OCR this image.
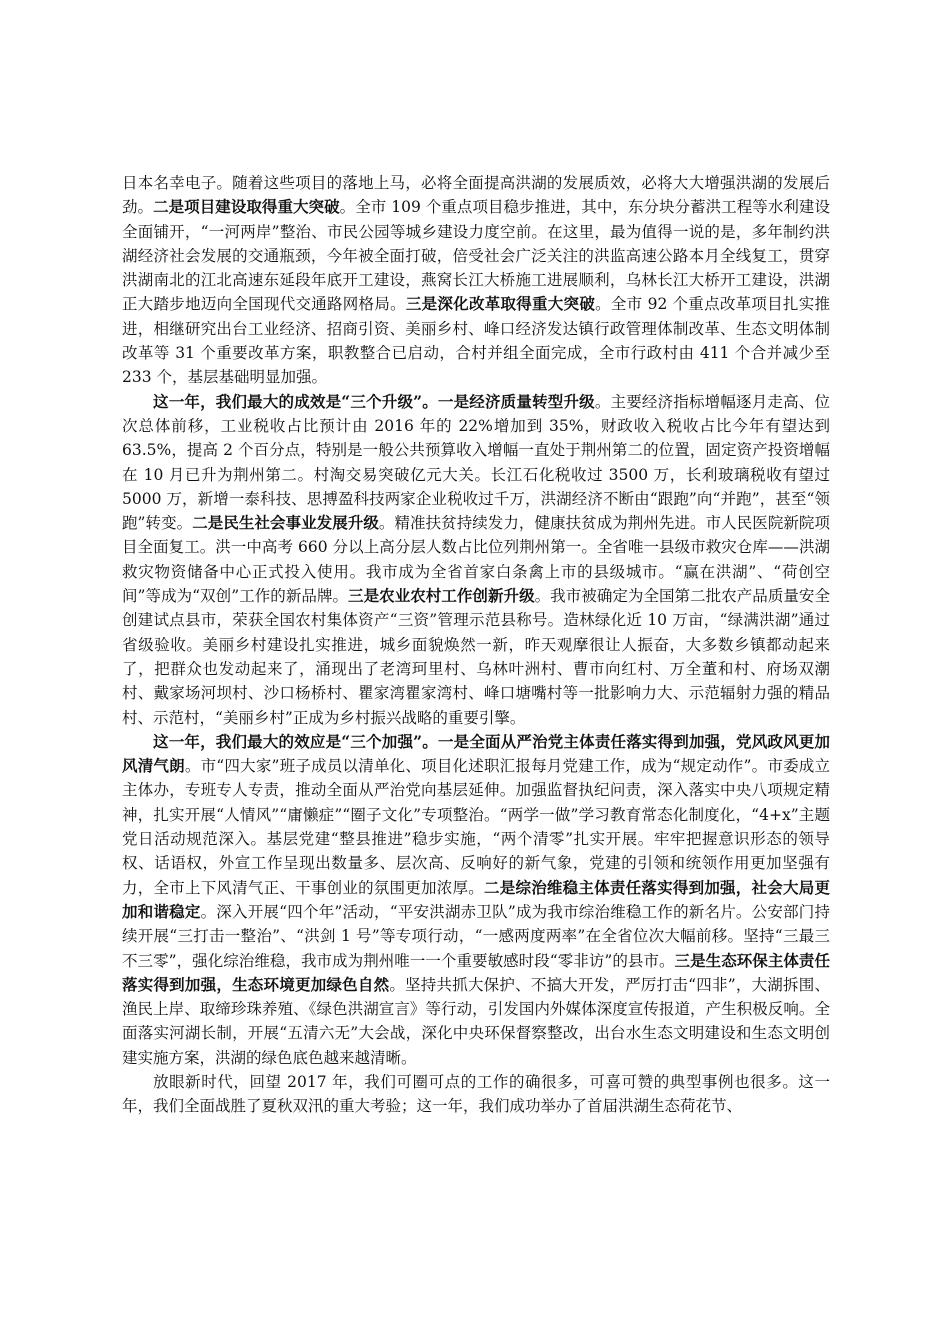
日本名幸电子。随着这些项目的落地上马，必将全面提高洪湖的发展质效，必将大大增强洪湖的发展后劲。二是项目建设取得重大突破。全市 109 个重点项目稳步推进，其中，东分块分蓄洪工程等水利建设全面铺开，“一河两岸”整治、市民公园等城乡建设力度空前。在这里，最为值得一说的是，多年制约洪湖经济社会发展的交通瓶颈，今年被全面打破，倍受社会广泛关注的洪监高速公路本月全线复工，贯穿洪湖南北的江北高速东延段年底开工建设，燕窝长江大桥施工进展顺利，乌林长江大桥开工建设，洪湖正大踏步地迈向全国现代交通路网格局。三是深化改革取得重大突破。全市 92 个重点改革项目扎实推进，相继研究出台工业经济、招商引资、美丽乡村、峰口经济发达镇行政管理体制改革、生态文明体制改革等 31 个重要改革方案，职教整合已启动，合村并组全面完成，全市行政村由 411 个合并减少至 233 个，基层基础明显加强。

这一年，我们最大的成效是“三个升级”。一是经济质量转型升级。主要经济指标增幅逐月走高、位次总体前移，工业税收占比预计由 2016 年的 22%增加到 35%，财政收入税收占比今年有望达到 63.5%，提高 2 个百分点，特别是一般公共预算收入增幅一直处于荆州第二的位置，固定资产投资增幅在 10 月已升为荆州第二。村淘交易突破亿元大关。长江石化税收过 3500 万，长利玻璃税收有望过 5000 万，新增一泰科技、思搏盈科技两家企业税收过千万，洪湖经济不断由“跟跑”向“并跑”，甚至“领跑”转变。二是民生社会事业发展升级。精准扶贫持续发力，健康扶贫成为荆州先进。市人民医院新院项目全面复工。洪一中高考 660 分以上高分层人数占比位列荆州第一。全省唯一县级市救灾仓库——洪湖救灾物资储备中心正式投入使用。我市成为全省首家白条禽上市的县级城市。“赢在洪湖”、“荷创空间”等成为“双创”工作的新品牌。三是农业农村工作创新升级。我市被确定为全国第二批农产品质量安全创建试点县市，荣获全国农村集体资产“三资”管理示范县称号。造林绿化近 10 万亩，“绿满洪湖”通过省级验收。美丽乡村建设扎实推进，城乡面貌焕然一新，昨天观摩很让人振奋，大多数乡镇都动起来了，把群众也发动起来了，涌现出了老湾珂里村、乌林叶洲村、曹市向红村、万全董和村、府场双潮村、戴家场河坝村、沙口杨桥村、瞿家湾瞿家湾村、峰口塘嘴村等一批影响力大、示范辐射力强的精品村、示范村，“美丽乡村”正成为乡村振兴战略的重要引擎。

这一年，我们最大的效应是“三个加强”。一是全面从严治党主体责任落实得到加强，党风政风更加风清气朗。市“四大家”班子成员以清单化、项目化述职汇报每月党建工作，成为“规定动作”。市委成立主体办，专班专人专责，推动全面从严治党向基层延伸。加强监督执纪问责，深入落实中央八项规定精神，扎实开展“人情风”“庸懒症”“圈子文化”专项整治。“两学一做”学习教育常态化制度化，“4+x”主题党日活动规范深入。基层党建“整县推进”稳步实施，“两个清零”扎实开展。牢牢把握意识形态的领导权、话语权，外宣工作呈现出数量多、层次高、反响好的新气象，党建的引领和统领作用更加坚强有力，全市上下风清气正、干事创业的氛围更加浓厚。二是综治维稳主体责任落实得到加强，社会大局更加和谐稳定。深入开展“四个年”活动，“平安洪湖赤卫队”成为我市综治维稳工作的新名片。公安部门持续开展“三打击一整治”、“洪剑 1 号”等专项行动，“一感两度两率”在全省位次大幅前移。坚持“三最三不三零”，强化综治维稳，我市成为荆州唯一一个重要敏感时段“零非访”的县市。三是生态环保主体责任落实得到加强，生态环境更加绿色自然。坚持共抓大保护、不搞大开发，严厉打击“四非”，大湖拆围、渔民上岸、取缔珍珠养殖、《绿色洪湖宣言》等行动，引发国内外媒体深度宣传报道，产生积极反响。全面落实河湖长制，开展“五清六无”大会战，深化中央环保督察整改，出台水生态文明建设和生态文明创建实施方案，洪湖的绿色底色越来越清晰。

放眼新时代，回望 2017 年，我们可圈可点的工作的确很多，可喜可赞的典型事例也很多。这一年，我们全面战胜了夏秋双汛的重大考验；这一年，我们成功举办了首届洪湖生态荷花节、
